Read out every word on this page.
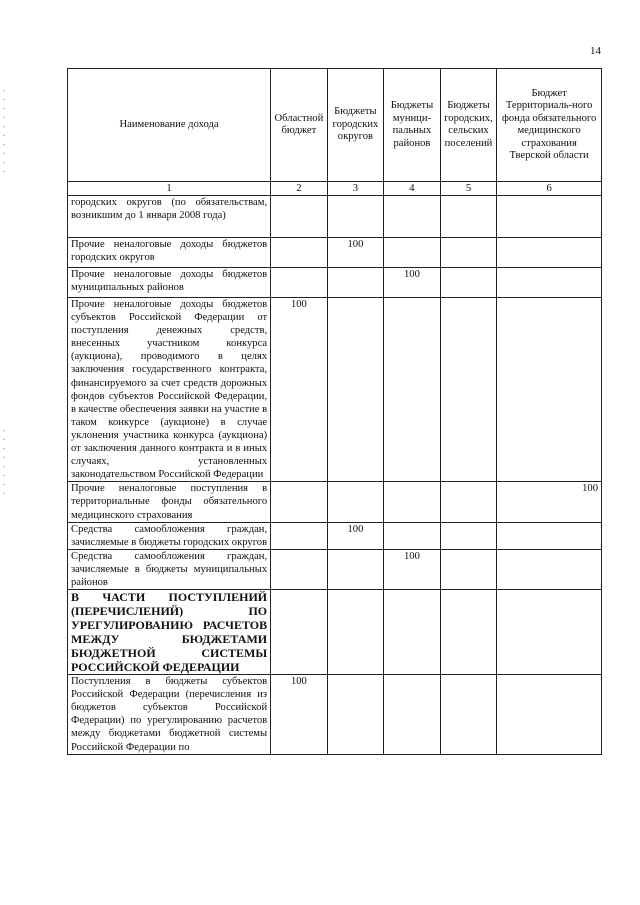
14
Наименование дохода	Областной бюджет	Бюджеты городских округов	Бюджеты муници-пальных районов	Бюджеты городских, сельских поселений	Бюджет Территориаль-ного фонда обязательного медицинского страхования Тверской области
1	2	3	4	5	6
городских округов (по обязательствам, возникшим до 1 января 2008 года)					
Прочие неналоговые доходы бюджетов городских округов		100			
Прочие неналоговые доходы бюджетов муниципальных районов			100		
Прочие неналоговые доходы бюджетов субъектов Российской Федерации от поступления денежных средств, внесенных участником конкурса (аукциона), проводимого в целях заключения государственного контракта, финансируемого за счет средств дорожных фондов субъектов Российской Федерации, в качестве обеспечения заявки на участие в таком конкурсе (аукционе) в случае уклонения участника конкурса (аукциона) от заключения данного контракта и в иных случаях, установленных законодательством Российской Федерации	100				
Прочие неналоговые поступления в территориальные фонды обязательного медицинского страхования					100
Средства самообложения граждан, зачисляемые в бюджеты городских округов		100			
Средства самообложения граждан, зачисляемые в бюджеты муниципальных районов			100		
В ЧАСТИ ПОСТУПЛЕНИЙ (ПЕРЕЧИСЛЕНИЙ) ПО УРЕГУЛИРОВАНИЮ РАСЧЕТОВ МЕЖДУ БЮДЖЕТАМИ БЮДЖЕТНОЙ СИСТЕМЫ РОССИЙСКОЙ ФЕДЕРАЦИИ					
Поступления в бюджеты субъектов Российской Федерации (перечисления из бюджетов субъектов Российской Федерации) по урегулированию расчетов между бюджетами бюджетной системы Российской Федерации по	100				
